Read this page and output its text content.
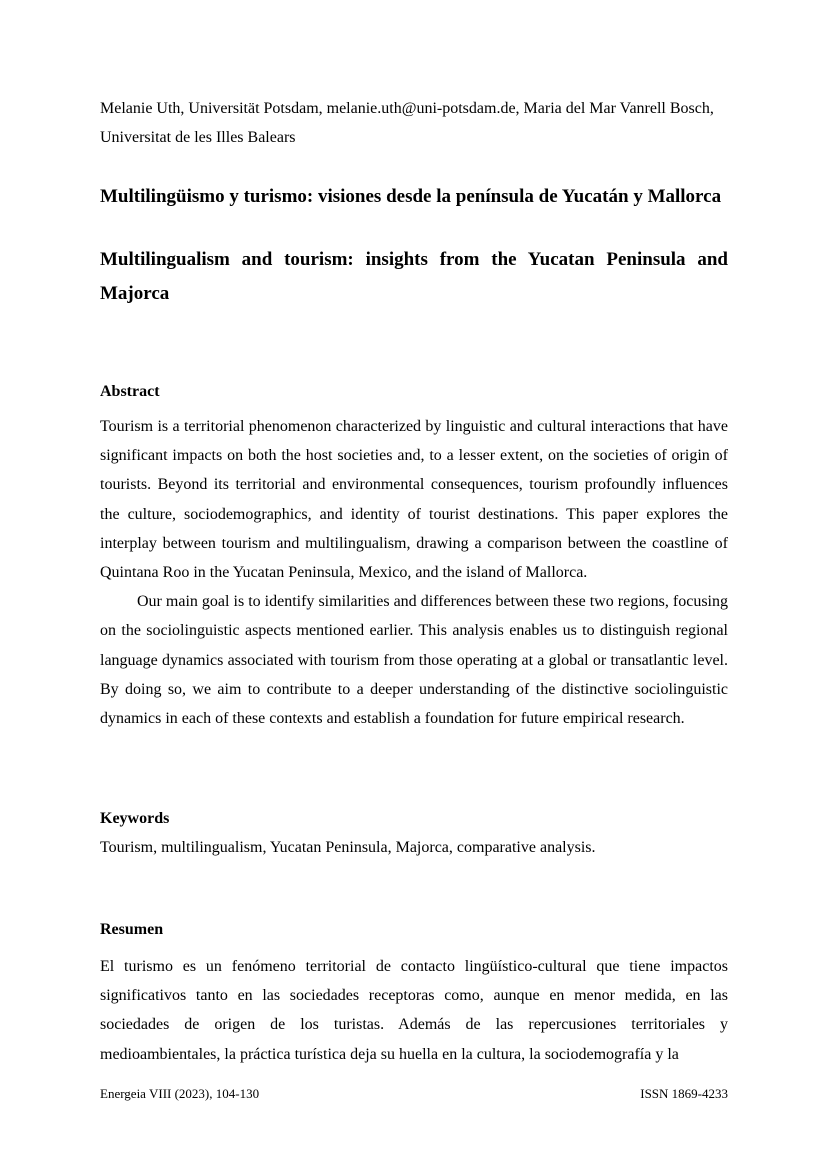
Melanie Uth, Universität Potsdam, melanie.uth@uni-potsdam.de, Maria del Mar Vanrell Bosch, Universitat de les Illes Balears
Multilingüismo y turismo: visiones desde la península de Yucatán y Mallorca
Multilingualism and tourism: insights from the Yucatan Peninsula and Majorca
Abstract

Tourism is a territorial phenomenon characterized by linguistic and cultural interactions that have significant impacts on both the host societies and, to a lesser extent, on the societies of origin of tourists. Beyond its territorial and environmental consequences, tourism profoundly influences the culture, sociodemographics, and identity of tourist destinations. This paper explores the interplay between tourism and multilingualism, drawing a comparison between the coastline of Quintana Roo in the Yucatan Peninsula, Mexico, and the island of Mallorca.

Our main goal is to identify similarities and differences between these two regions, focusing on the sociolinguistic aspects mentioned earlier. This analysis enables us to distinguish regional language dynamics associated with tourism from those operating at a global or transatlantic level. By doing so, we aim to contribute to a deeper understanding of the distinctive sociolinguistic dynamics in each of these contexts and establish a foundation for future empirical research.

Keywords
Tourism, multilingualism, Yucatan Peninsula, Majorca, comparative analysis.
Resumen

El turismo es un fenómeno territorial de contacto lingüístico-cultural que tiene impactos significativos tanto en las sociedades receptoras como, aunque en menor medida, en las sociedades de origen de los turistas. Además de las repercusiones territoriales y medioambientales, la práctica turística deja su huella en la cultura, la sociodemografía y la

Energeia VIII (2023), 104-130	ISSN 1869-4233
